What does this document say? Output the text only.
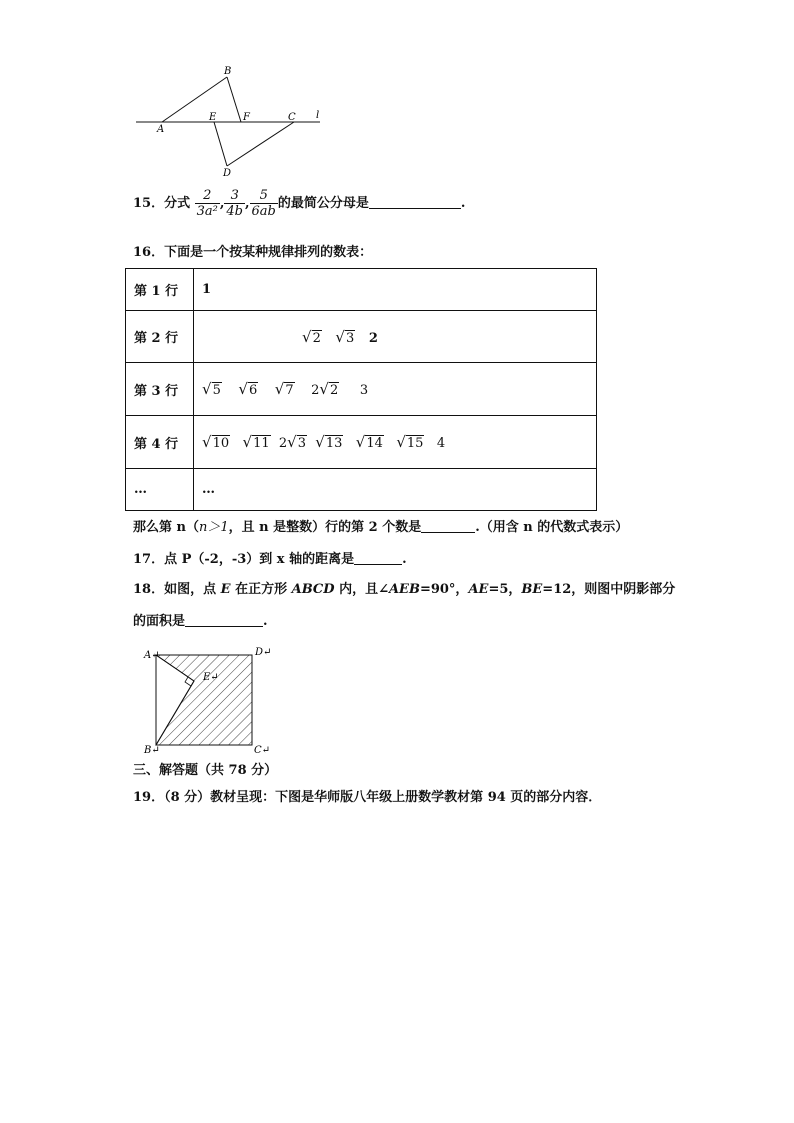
B
A
E	F	C l
D
15．分式 $\frac{2}{\text{3a²}}$ , $\frac{3}{4b}$ , $\frac{5}{6ab}$ 的最简公分母是	.
16．下面是一个按某种规律排列的数表：
第 1 行	1
第 2 行	√2 √3 2
第 3 行	√5 √6 √7 2√2 3
第 4 行	√10 √11 2√3 √13 √14 √15 4
…	…
那么第 n（n＞1，且 n 是整数）行的第 2 个数是	.（用含 n 的代数式表示）
17．点 P（-2，-3）到 x 轴的距离是	.
18．如图，点 E 在正方形 ABCD 内，且∠AEB=90°，AE=5，BE=12，则图中阴影部分
的面积是	.
A↵	D↵
E↵
B↵	C↵
三、解答题（共 78 分）
19．（8 分）教材呈现：下图是华师版八年级上册数学教材第 94 页的部分内容．
